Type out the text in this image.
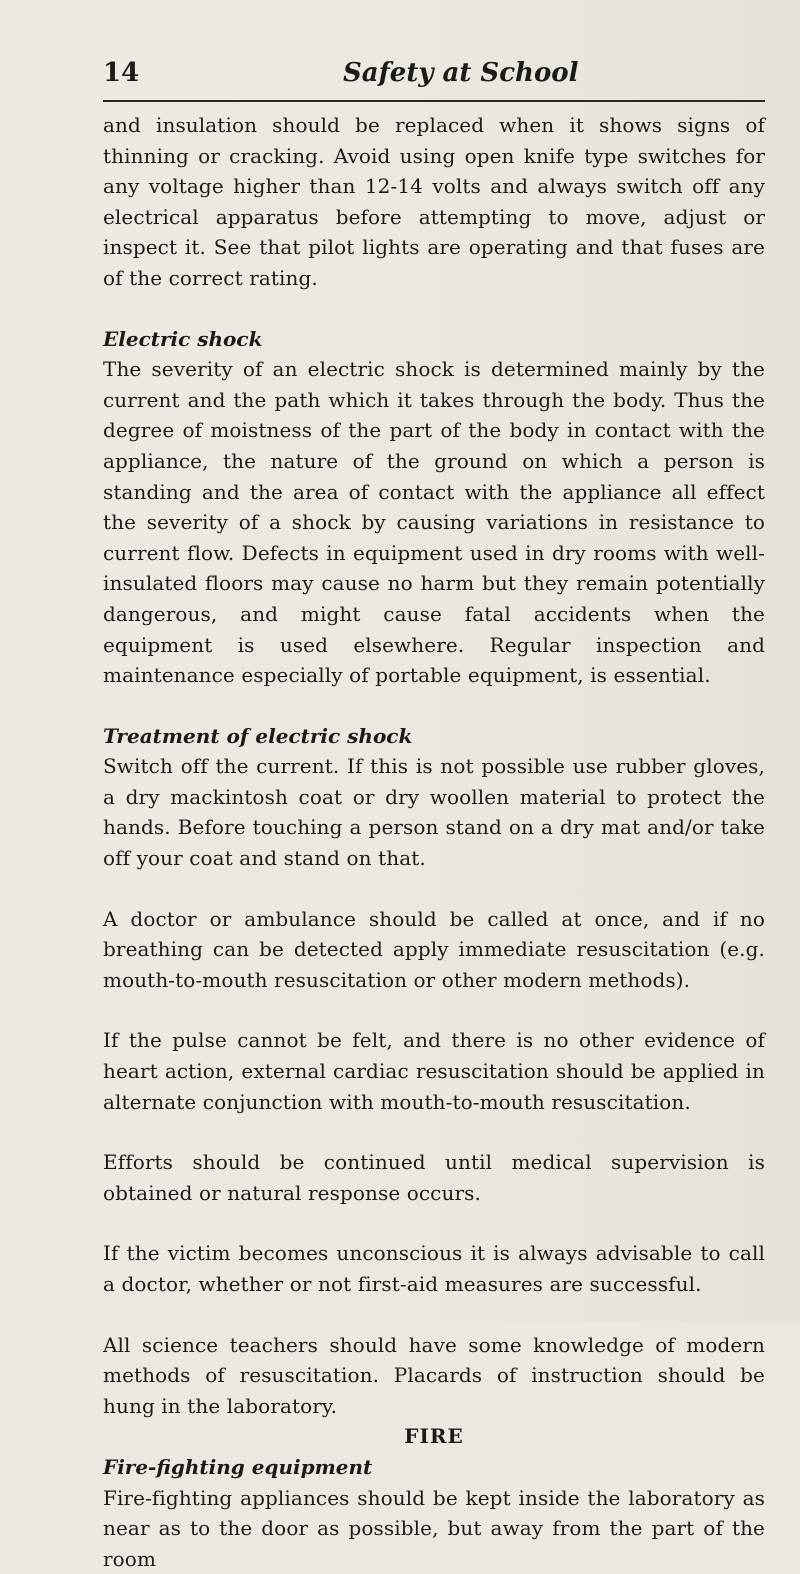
14	Safety at School

and insulation should be replaced when it shows signs of thinning or cracking. Avoid using open knife type switches for any voltage higher than 12-14 volts and always switch off any electrical apparatus before attempting to move, adjust or inspect it. See that pilot lights are operating and that fuses are of the correct rating.

Electric shock

The severity of an electric shock is determined mainly by the current and the path which it takes through the body. Thus the degree of moistness of the part of the body in contact with the appliance, the nature of the ground on which a person is standing and the area of contact with the appliance all effect the severity of a shock by causing variations in resistance to current flow. Defects in equipment used in dry rooms with well-insulated floors may cause no harm but they remain potentially dangerous, and might cause fatal accidents when the equipment is used elsewhere. Regular inspection and maintenance especially of portable equipment, is essential.

Treatment of electric shock

Switch off the current. If this is not possible use rubber gloves, a dry mackintosh coat or dry woollen material to protect the hands. Before touching a person stand on a dry mat and/or take off your coat and stand on that.

A doctor or ambulance should be called at once, and if no breathing can be detected apply immediate resuscitation (e.g. mouth-to-mouth resuscitation or other modern methods).

If the pulse cannot be felt, and there is no other evidence of heart action, external cardiac resuscitation should be applied in alternate conjunction with mouth-to-mouth resuscitation.

Efforts should be continued until medical supervision is obtained or natural response occurs.

If the victim becomes unconscious it is always advisable to call a doctor, whether or not first-aid measures are successful.

All science teachers should have some knowledge of modern methods of resuscitation. Placards of instruction should be hung in the laboratory.

FIRE

Fire-fighting equipment

Fire-fighting appliances should be kept inside the laboratory as near as to the door as possible, but away from the part of the room
